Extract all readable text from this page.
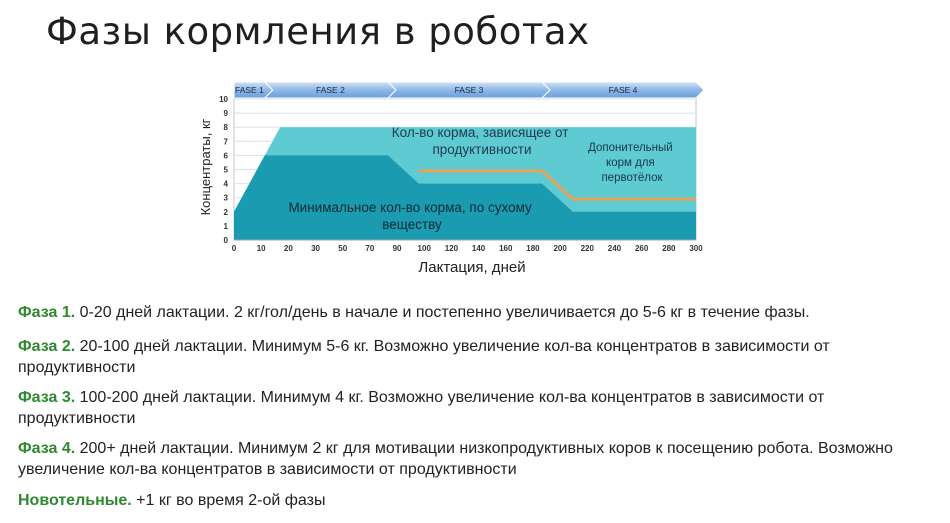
Фазы кормления в роботах
FASE 1	FASE 2	FASE 3	FASE 4
0
1
2
3
4
5
6
7
8
9
10
0	10 20 30 50 70 90 100 120 140 160 180 200 220 240 260 280 300
Кол-во корма, зависящее от продуктивности
Минимальное кол-во корма, по сухому веществу
Допонительный корм для первотёлок
Концентраты, кг
Лактация, дней
Фаза 1. 0-20 дней лактации. 2 кг/гол/день в начале и постепенно увеличивается до 5-6 кг в течение фазы.
Фаза 2. 20-100 дней лактации. Минимум 5-6 кг. Возможно увеличение кол-ва концентратов в зависимости от продуктивности
Фаза 3. 100-200 дней лактации. Минимум 4 кг. Возможно увеличение кол-ва концентратов в зависимости от продуктивности
Фаза 4. 200+ дней лактации. Минимум 2 кг для мотивации низкопродуктивных коров к посещению робота. Возможно увеличение кол-ва концентратов в зависимости от продуктивности
Новотельные. +1 кг во время 2-ой фазы
